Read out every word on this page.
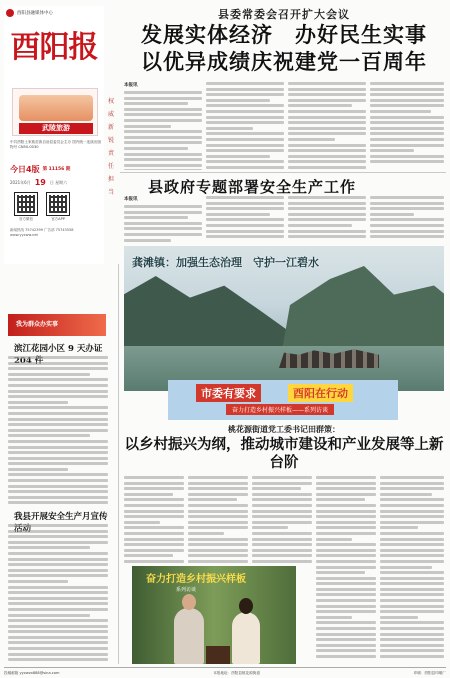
酉阳县融媒体中心
酉阳报
武陵旅游
中共酉阳土家族苗族自治县委员会主办 国内统一连续出版物号 CN50-0030
今日4版 第 11156 期
2021年6月 19 日 星期六
官方微信	官方APP
新闻热线 75742399 广告部 75743558 www.yyxww.net
权威 新锐 责任 担当
县委常委会召开扩大会议
发展实体经济　办好民生实事
以优异成绩庆祝建党一百周年
本报讯
县政府专题部署安全生产工作
本报讯
龚滩镇：加强生态治理　守护一江碧水
市委有要求	酉阳在行动
奋力打造乡村振兴样板——系列访谈
桃花源街道党工委书记田群策：
以乡村振兴为纲，推动城市建设和产业发展等上新台阶
奋力打造乡村振兴样板
系列访谈
我为群众办实事
滨江花园小区 9 天办证
我县开展安全生产月宣传
投稿邮箱 yyxwzx888@sina.com	本报地址：酉阳县桃花源街道	印刷：酉阳县印刷厂
